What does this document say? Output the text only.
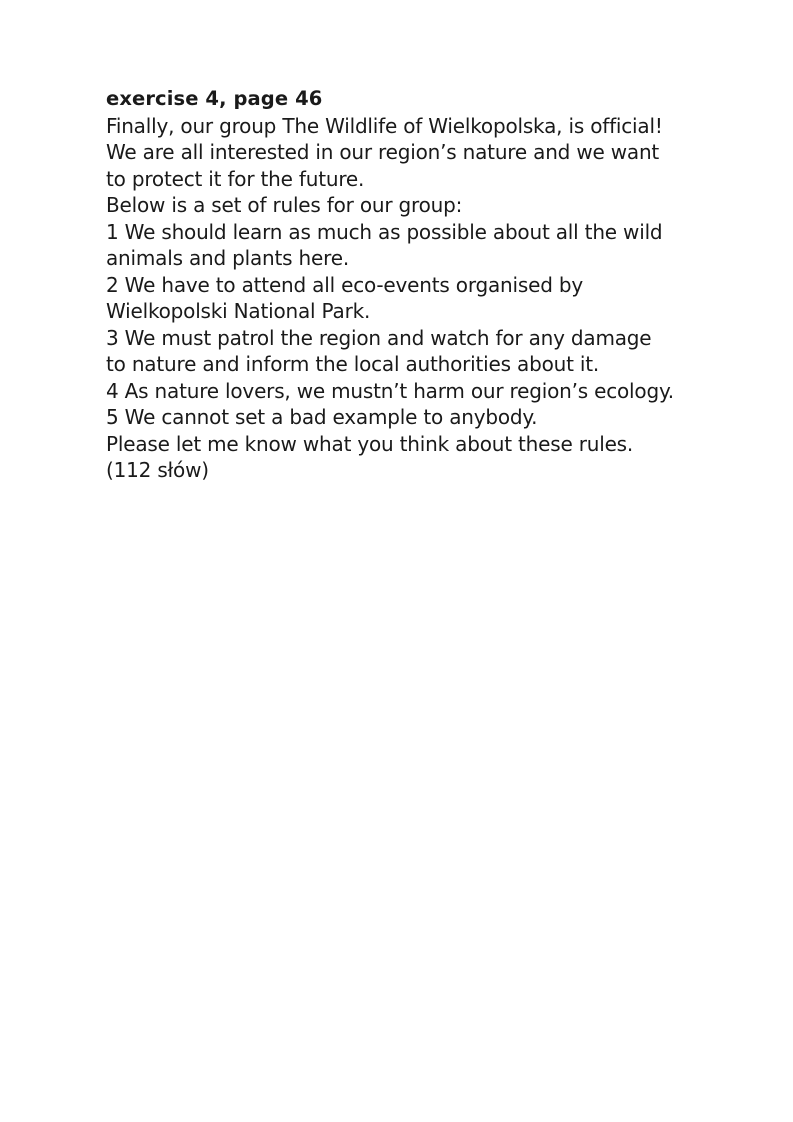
exercise 4, page 46
Finally, our group The Wildlife of Wielkopolska, is official!
We are all interested in our region’s nature and we want
to protect it for the future.
Below is a set of rules for our group:
1 We should learn as much as possible about all the wild
animals and plants here.
2 We have to attend all eco-events organised by
Wielkopolski National Park.
3 We must patrol the region and watch for any damage
to nature and inform the local authorities about it.
4 As nature lovers, we mustn’t harm our region’s ecology.
5 We cannot set a bad example to anybody.
Please let me know what you think about these rules.
(112 słów)
